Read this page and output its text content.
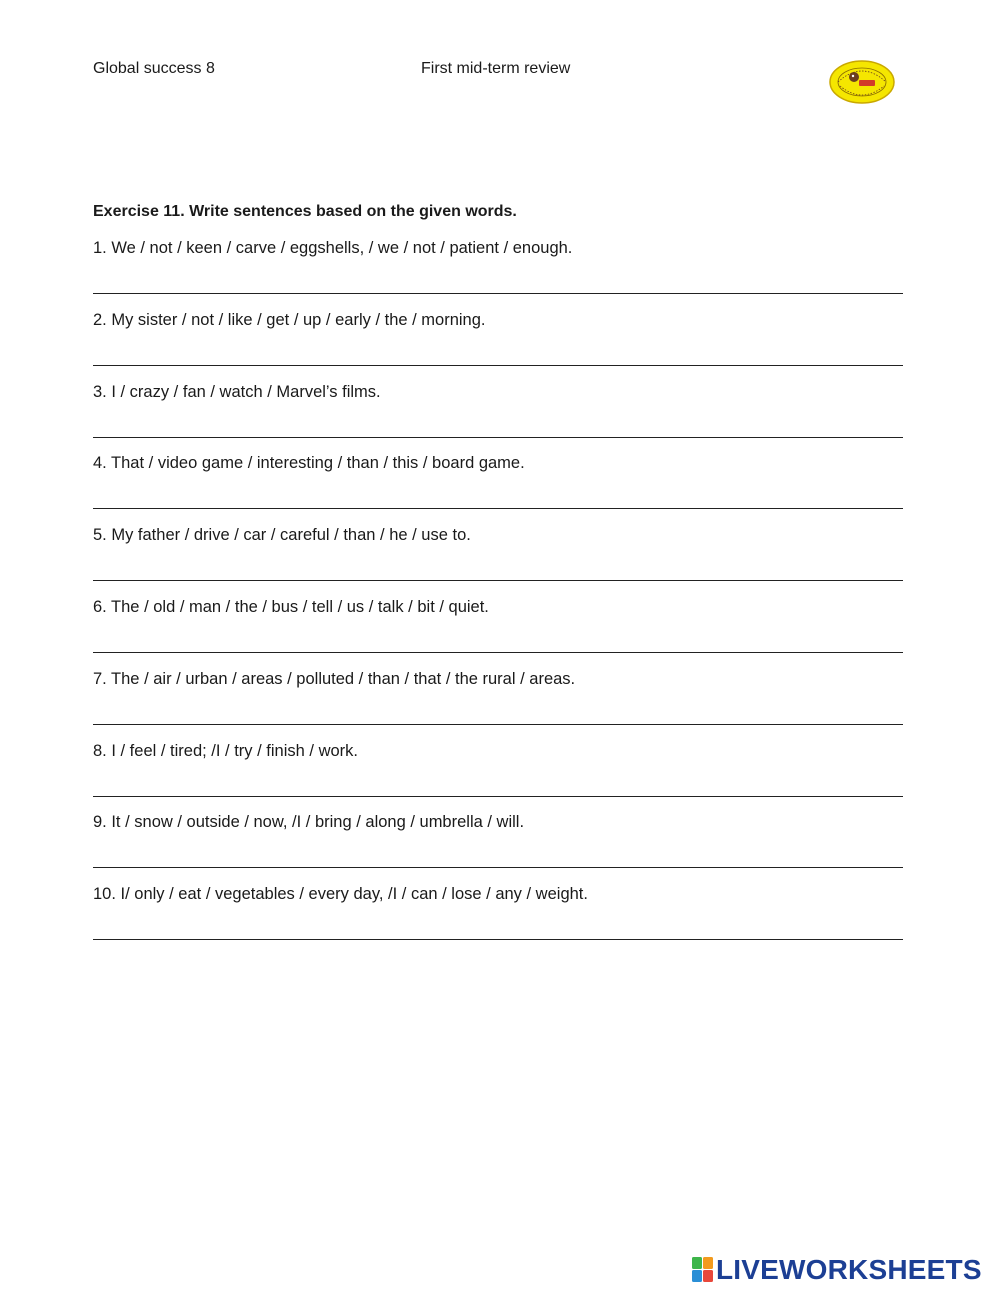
Global success 8	First mid-term review
Exercise 11. Write sentences based on the given words.
1. We / not / keen / carve / eggshells, / we / not / patient / enough.
2. My sister / not / like / get / up / early / the / morning.
3. I / crazy / fan / watch / Marvel’s films.
4. That / video game / interesting / than / this / board game.
5. My father / drive / car / careful / than / he / use to.
6. The / old / man / the / bus / tell / us / talk / bit / quiet.
7. The / air / urban / areas / polluted / than / that / the rural / areas.
8. I / feel / tired; /I / try / finish / work.
9. It / snow / outside / now, /I / bring / along / umbrella / will.
10. I/ only / eat / vegetables / every day, /I / can / lose / any / weight.
LIVEWORKSHEETS
